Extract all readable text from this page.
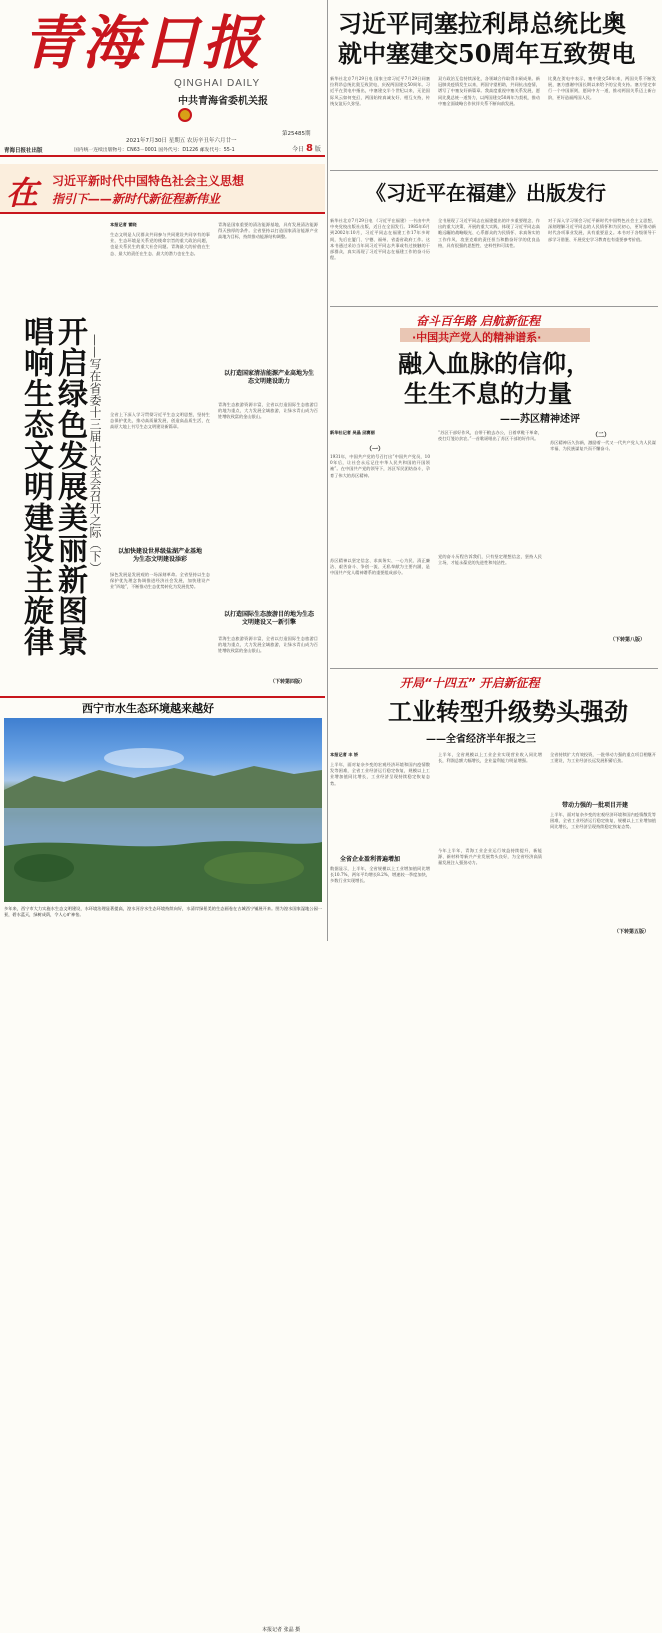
青海日报
QINGHAI DAILY
中共青海省委机关报
2021年7月30日 星期五 农历辛丑年六月廿一
第25485期
青海日报社出版	国内统一连续出版物号：CN63－0001 国外代号：D1226 邮发代号：55-1	今日 8 版
习近平同塞拉利昂总统比奥
就中塞建交50周年互致贺电
新华社北京7月29日电 国家主席习近平7月29日同塞拉利昂总统比奥互致贺电，庆祝两国建交50周年。习近平在贺电中指出，中塞建交半个世纪以来，无论国际风云如何变幻，两国始终真诚友好、相互支持，传统友谊历久弥坚。
双方政治互信持续深化，各领域合作取得丰硕成果。新冠肺炎疫情发生以来，两国守望相助，共同抗击疫情，谱写了中塞友好新篇章。我高度重视中塞关系发展，愿同比奥总统一道努力，以两国建交50周年为契机，推动中塞全面战略合作伙伴关系不断向前发展。
比奥在贺电中表示，塞中建交50年来，两国关系不断发展，塞方感谢中国长期以来给予的宝贵支持。塞方坚定奉行一个中国原则，愿同中方一道，推动两国关系迈上新台阶，更好造福两国人民。
《习近平在福建》出版发行
新华社北京7月29日电 《习近平在福建》一书由中共中央党校出版社出版，近日在全国发行。1985年6月到2002年10月，习近平同志在福建工作17年多时间，先后在厦门、宁德、福州、省委省政府工作。这本书通过采访当年同习近平同志共事或有过接触的干部群众，真实再现了习近平同志在福建工作的奋斗历程。
全书展现了习近平同志在福建提出的许多重要理念、作出的重大决策、开展的重大实践，体现了习近平同志高瞻远瞩的战略眼光、心系群众的为民情怀、求真务实的工作作风、攻坚克难的责任担当和勤奋好学的优良品格，具有很强的思想性、史料性和可读性。
对于深入学习领会习近平新时代中国特色社会主义思想，深刻理解习近平同志的人民情怀和为民初心，更好推动新时代各项事业发展，具有重要意义。本书对于各级领导干部学习借鉴、开展党史学习教育也有重要参考价值。
在 习近平新时代中国特色社会主义思想
指引下——新时代新征程新伟业
开启绿色发展美丽新图景 唱响生态文明建设主旋律	——写在省委十三届十次全会召开之际（下）
本报记者 雷晓
生态文明是人民群众共同参与共同建设共同享有的事业，生态环境是关系党的使命宗旨的重大政治问题，也是关系民生的重大社会问题。青海最大的价值在生态、最大的责任在生态、最大的潜力也在生态。
全省上下深入学习贯彻习近平生态文明思想，坚持生态保护优先，推动高质量发展，创造高品质生活，在高原大地上书写生态文明建设新篇章。
以加快建设世界级盐湖产业基地为生态文明建设添彩
绿色发展是发展观的一场深刻革命。全省坚持以生态保护优先理念协调推进经济社会发展，加快建设产业“四地”，不断推动生态优势转化为发展优势。
青海是国家重要的清洁能源基地，具有发展清洁能源得天独厚的条件。全省坚持以打造国家清洁能源产业高地为目标，持续推动能源结构调整。
以打造国家清洁能源产业高地为生态文明建设助力
青海生态旅游资源丰富，全省以打造国际生态旅游目的地为重点，大力发展全域旅游，让绿水青山成为百姓增收致富的金山银山。
以打造国际生态旅游目的地为生态文明建设又一新引擎
青海生态旅游资源丰富，全省以打造国际生态旅游目的地为重点，大力发展全域旅游，让绿水青山成为百姓增收致富的金山银山。
（下转第四版）
奋斗百年路 启航新征程
·中国共产党人的精神谱系·
融入血脉的信仰，
生生不息的力量
——苏区精神述评
新华社记者 吴晶 邱赛丽
（一）
1931年，中国共产党的号召打出“中国共产党员，100年后，让社会永远记住中华人民共和国的开国领袖”。在中国共产党的领导下，苏区军民团结奋斗，孕育了伟大的苏区精神。
苏区精神以坚定信念、求真务实、一心为民、清正廉洁、艰苦奋斗、争创一流、无私奉献为主要内涵，是中国共产党人精神谱系的重要组成部分。
“苏区干部好作风，自带干粮去办公，日着草鞋干革命，夜打灯笼访贫农。”一首歌谣唱出了苏区干部的好作风。
党的奋斗历程告诉我们，只有坚定理想信念，坚持人民立场，才能永葆党的先进性和纯洁性。
（二）
苏区精神历久弥新，激励着一代又一代共产党人为人民谋幸福、为民族谋复兴而不懈奋斗。
（下转第八版）
西宁市水生态环境越来越好
多年来，西宁市大力实施水生态文明建设，水环境治理显著提高，湟水河谷水生态环境持续向好，水清岸绿景美的生态画卷在古城西宁铺展开来。图为湟水国家湿地公园一景，碧水蓝天，绿树成荫，令人心旷神怡。
本报记者 张晶 摄
开局“十四五” 开启新征程
工业转型升级势头强劲
——全省经济半年报之三
本报记者 丰 娇
上半年，面对复杂多变的宏观经济环境和国内疫情散发等困难，全省工业经济运行稳定恢复，规模以上工业增加值同比增长，工业经济呈现持续稳定恢复态势。
全省企业盈利普遍增加
数据显示，上半年，全省规模以上工业增加值同比增长10.7%，两年平均增长8.2%，增速较一季度加快，多数行业实现增长。
上半年，全省规模以上工业企业实现营业收入同比增长，利润总额大幅增长，企业盈利能力明显增强。
今年上半年，青海工业企业运行效益持续提升，新能源、新材料等新兴产业发展势头良好，为全省经济高质量发展注入强劲动力。
全省持续扩大有效投资，一批带动力强的重点项目相继开工建设，为工业经济长远发展积蓄后劲。
带动力强的一批项目开建
上半年，面对复杂多变的宏观经济环境和国内疫情散发等困难，全省工业经济运行稳定恢复，规模以上工业增加值同比增长，工业经济呈现持续稳定恢复态势。
（下转第五版）
